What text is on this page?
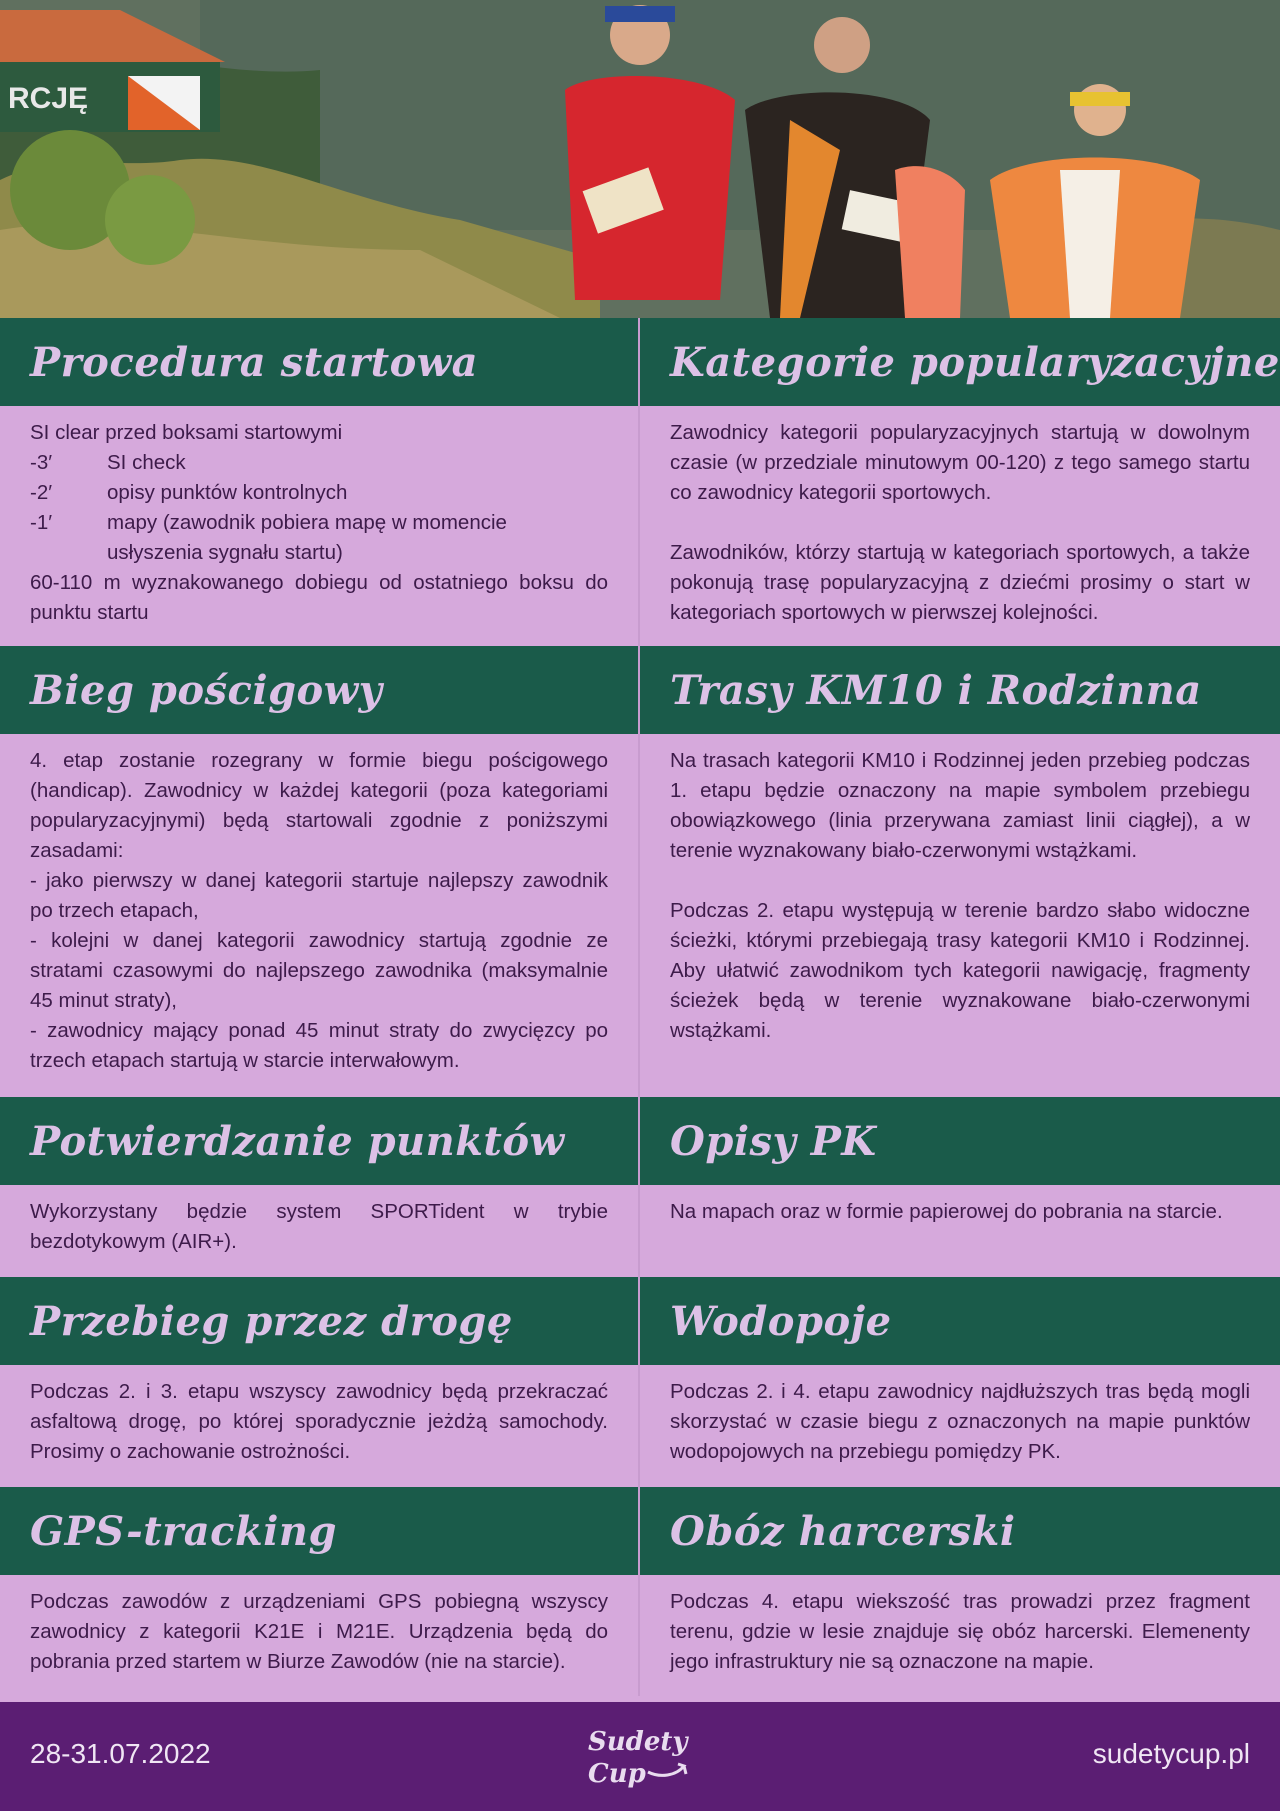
RCJĘ
Procedura startowa
SI clear przed boksami startowymi
-3′	SI check
-2′	opisy punktów kontrolnych
-1′	mapy (zawodnik pobiera mapę w momencie usłyszenia sygnału startu)

60-110 m wyznakowanego dobiegu od ostatniego boksu do punktu startu

Kategorie popularyzacyjne

Zawodnicy kategorii popularyzacyjnych startują w dowolnym czasie (w przedziale minutowym 00-120) z tego samego startu co zawodnicy kategorii sportowych.

Zawodników, którzy startują w kategoriach sportowych, a także pokonują trasę popularyzacyjną z dziećmi prosimy o start w kategoriach sportowych w pierwszej kolejności.

Bieg pościgowy

4. etap zostanie rozegrany w formie biegu pościgowego (handicap). Zawodnicy w każdej kategorii (poza kategoriami popularyzacyjnymi) będą startowali zgodnie z poniższymi zasadami:

- jako pierwszy w danej kategorii startuje najlepszy zawodnik po trzech etapach,

- kolejni w danej kategorii zawodnicy startują zgodnie ze stratami czasowymi do najlepszego zawodnika (maksymalnie 45 minut straty),

- zawodnicy mający ponad 45 minut straty do zwycięzcy po trzech etapach startują w starcie interwałowym.

Trasy KM10 i Rodzinna

Na trasach kategorii KM10 i Rodzinnej jeden przebieg podczas 1. etapu będzie oznaczony na mapie symbolem przebiegu obowiązkowego (linia przerywana zamiast linii ciągłej), a w terenie wyznakowany biało-czerwonymi wstążkami.

Podczas 2. etapu występują w terenie bardzo słabo widoczne ścieżki, którymi przebiegają trasy kategorii KM10 i Rodzinnej. Aby ułatwić zawodnikom tych kategorii nawigację, fragmenty ścieżek będą w terenie wyznakowane biało-czerwonymi wstążkami.

Potwierdzanie punktów

Wykorzystany będzie system SPORTident w trybie bezdotykowym (AIR+).

Opisy PK

Na mapach oraz w formie papierowej do pobrania na starcie.

Przebieg przez drogę

Podczas 2. i 3. etapu wszyscy zawodnicy będą przekraczać asfaltową drogę, po której sporadycznie jeżdżą samochody. Prosimy o zachowanie ostrożności.

Wodopoje

Podczas 2. i 4. etapu zawodnicy najdłuższych tras będą mogli skorzystać w czasie biegu z oznaczonych na mapie punktów wodopojowych na przebiegu pomiędzy PK.

GPS-tracking

Podczas zawodów z urządzeniami GPS pobiegną wszyscy zawodnicy z kategorii K21E i M21E. Urządzenia będą do pobrania przed startem w Biurze Zawodów (nie na starcie).

Obóz harcerski

Podczas 4. etapu wiekszość tras prowadzi przez fragment terenu, gdzie w lesie znajduje się obóz harcerski. Elemenenty jego infrastruktury nie są oznaczone na mapie.

28-31.07.2022	Sudety
Cup
sudetycup.pl
